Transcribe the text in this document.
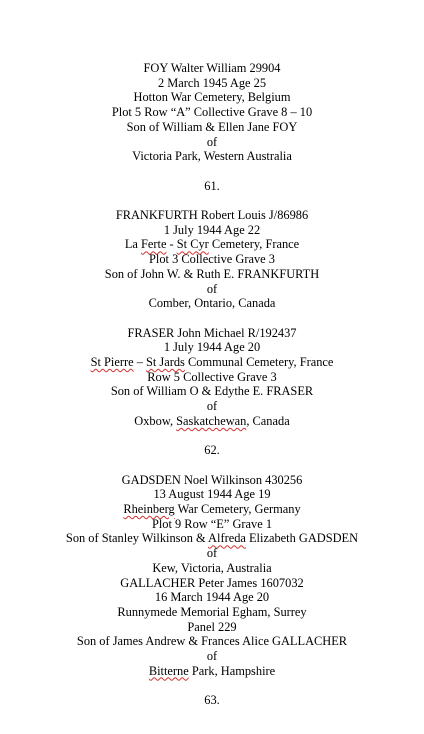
FOY Walter William 29904
2 March 1945 Age 25
Hotton War Cemetery, Belgium
Plot 5 Row “A” Collective Grave 8 – 10
Son of William & Ellen Jane FOY
of
Victoria Park, Western Australia
61.
FRANKFURTH Robert Louis J/86986
1 July 1944 Age 22
La Ferte - St Cyr Cemetery, France
Plot 3 Collective Grave 3
Son of John W. & Ruth E. FRANKFURTH
of
Comber, Ontario, Canada
FRASER John Michael R/192437
1 July 1944 Age 20
St Pierre – St Jards Communal Cemetery, France
Row 5 Collective Grave 3
Son of William O & Edythe E. FRASER
of
Oxbow, Saskatchewan, Canada
62.
GADSDEN Noel Wilkinson 430256
13 August 1944 Age 19
Rheinberg War Cemetery, Germany
Plot 9 Row “E” Grave 1
Son of Stanley Wilkinson & Alfreda Elizabeth GADSDEN
of
Kew, Victoria, Australia
GALLACHER Peter James 1607032
16 March 1944 Age 20
Runnymede Memorial Egham, Surrey
Panel 229
Son of James Andrew & Frances Alice GALLACHER
of
Bitterne Park, Hampshire
63.
